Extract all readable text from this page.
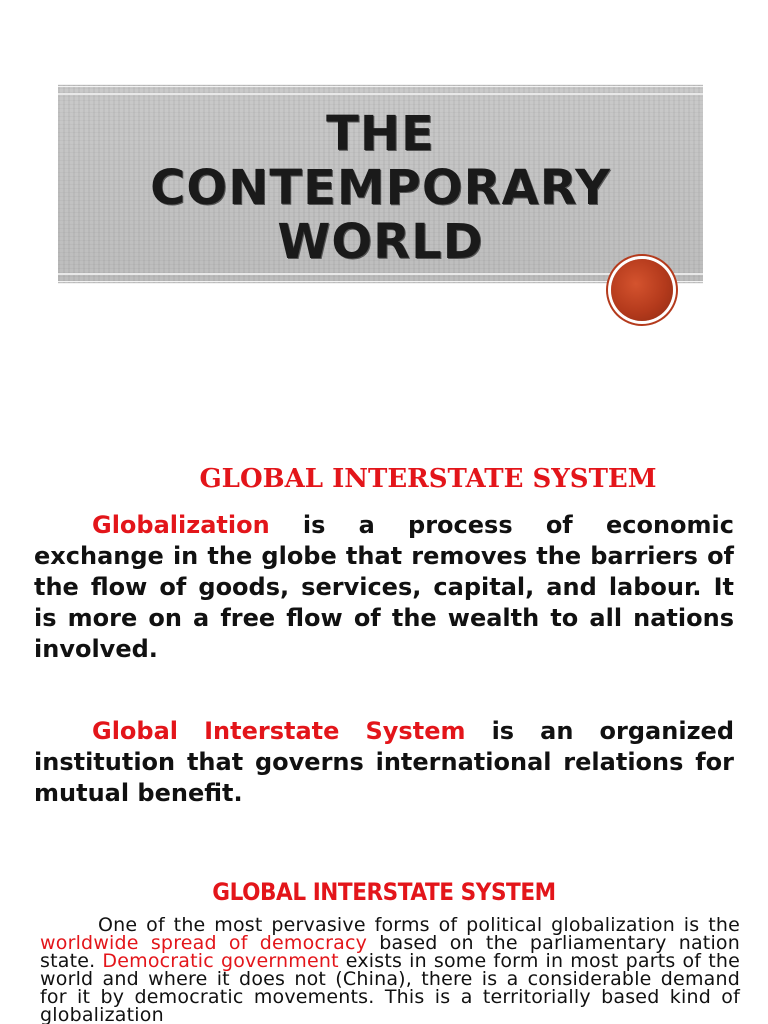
THE
CONTEMPORARY
WORLD
GLOBAL INTERSTATE SYSTEM
Globalization is a process of economic exchange in the globe that removes the barriers of the flow of goods, services, capital, and labour. It is more on a free flow of the wealth to all nations involved.
Global Interstate System is an organized institution that governs international relations for mutual benefit.
GLOBAL INTERSTATE SYSTEM
One of the most pervasive forms of political globalization is the worldwide spread of democracy based on the parliamentary nation state. Democratic government exists in some form in most parts of the world and where it does not (China), there is a considerable demand for it by democratic movements. This is a territorially based kind of globalization
